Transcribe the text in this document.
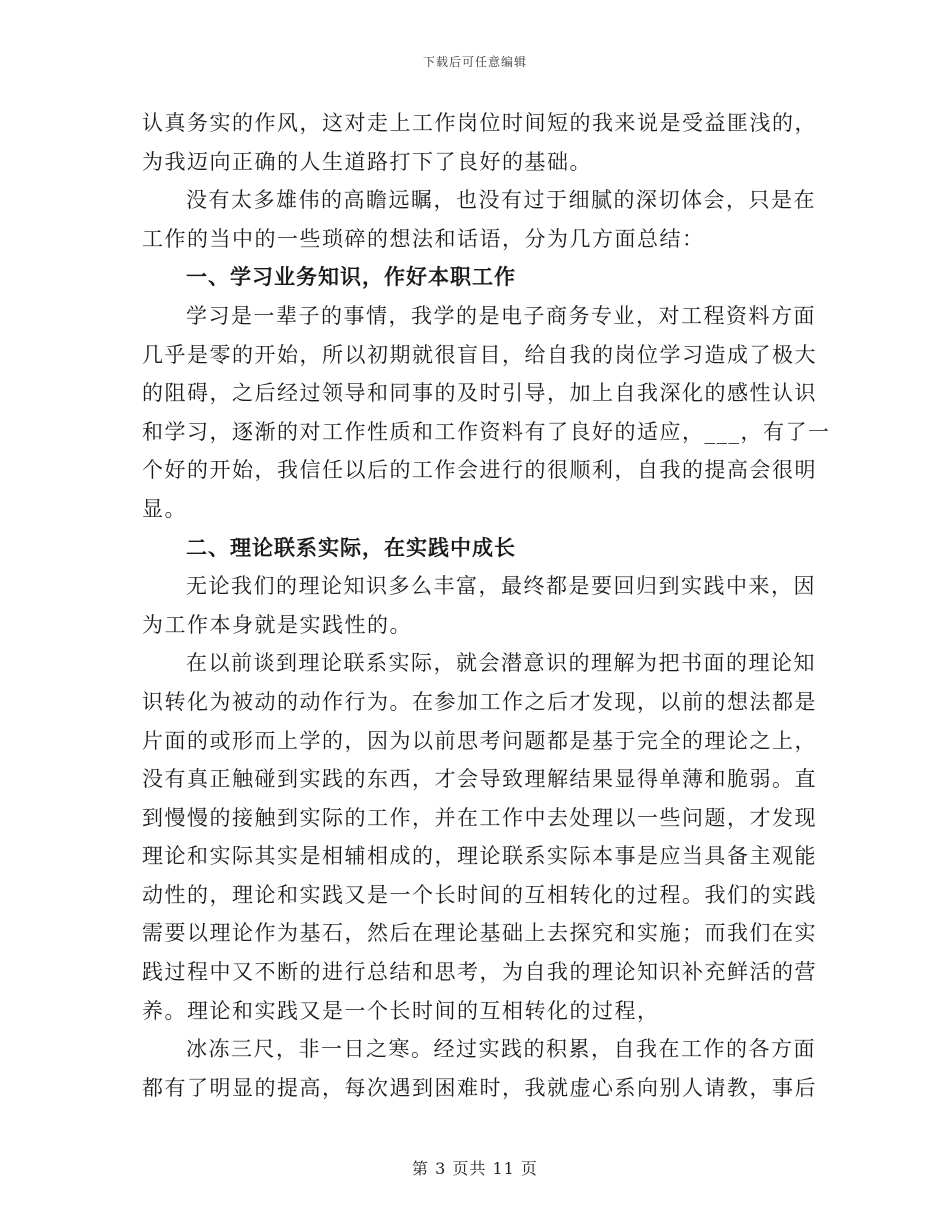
下载后可任意编辑
认真务实的作风，这对走上工作岗位时间短的我来说是受益匪浅的，
为我迈向正确的人生道路打下了良好的基础。
没有太多雄伟的高瞻远瞩，也没有过于细腻的深切体会，只是在
工作的当中的一些琐碎的想法和话语，分为几方面总结：
一、学习业务知识，作好本职工作
学习是一辈子的事情，我学的是电子商务专业，对工程资料方面
几乎是零的开始，所以初期就很盲目，给自我的岗位学习造成了极大
的阻碍，之后经过领导和同事的及时引导，加上自我深化的感性认识
和学习，逐渐的对工作性质和工作资料有了良好的适应，___，有了一
个好的开始，我信任以后的工作会进行的很顺利，自我的提高会很明
显。
二、理论联系实际，在实践中成长
无论我们的理论知识多么丰富，最终都是要回归到实践中来，因
为工作本身就是实践性的。
在以前谈到理论联系实际，就会潜意识的理解为把书面的理论知
识转化为被动的动作行为。在参加工作之后才发现，以前的想法都是
片面的或形而上学的，因为以前思考问题都是基于完全的理论之上，
没有真正触碰到实践的东西，才会导致理解结果显得单薄和脆弱。直
到慢慢的接触到实际的工作，并在工作中去处理以一些问题，才发现
理论和实际其实是相辅相成的，理论联系实际本事是应当具备主观能
动性的，理论和实践又是一个长时间的互相转化的过程。我们的实践
需要以理论作为基石，然后在理论基础上去探究和实施；而我们在实
践过程中又不断的进行总结和思考，为自我的理论知识补充鲜活的营
养。理论和实践又是一个长时间的互相转化的过程，
冰冻三尺，非一日之寒。经过实践的积累，自我在工作的各方面
都有了明显的提高，每次遇到困难时，我就虚心系向别人请教，事后
第 3 页共 11 页
